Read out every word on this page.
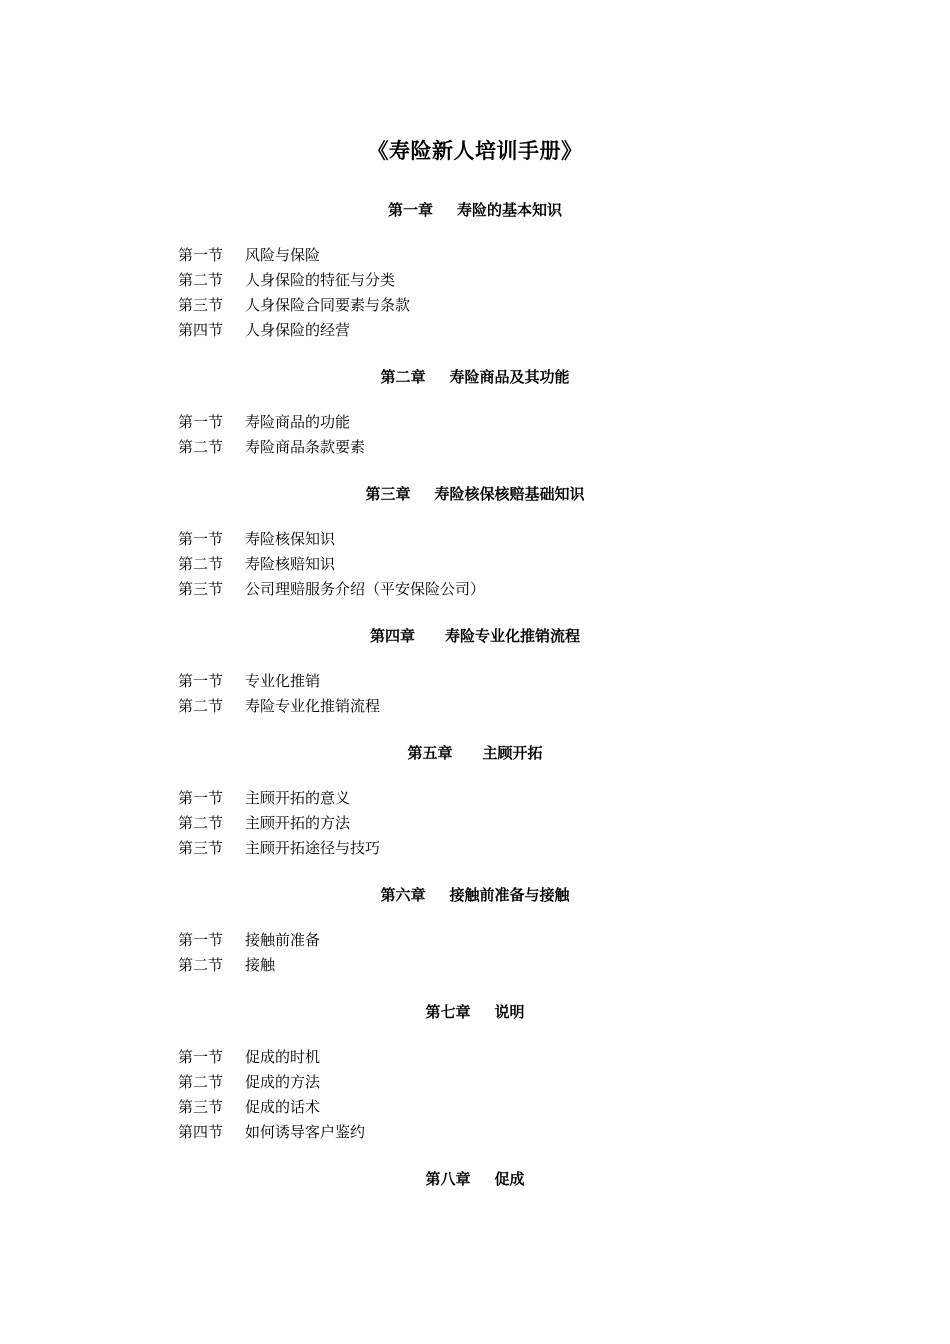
《寿险新人培训手册》
第一章 寿险的基本知识
第一节 风险与保险
第二节 人身保险的特征与分类
第三节 人身保险合同要素与条款
第四节 人身保险的经营
第二章 寿险商品及其功能
第一节 寿险商品的功能
第二节 寿险商品条款要素
第三章 寿险核保核赔基础知识
第一节 寿险核保知识
第二节 寿险核赔知识
第三节 公司理赔服务介绍（平安保险公司）
第四章 寿险专业化推销流程
第一节 专业化推销
第二节 寿险专业化推销流程
第五章 主顾开拓
第一节 主顾开拓的意义
第二节 主顾开拓的方法
第三节 主顾开拓途径与技巧
第六章 接触前准备与接触
第一节 接触前准备
第二节 接触
第七章 说明
第一节 促成的时机
第二节 促成的方法
第三节 促成的话术
第四节 如何诱导客户鉴约
第八章 促成
